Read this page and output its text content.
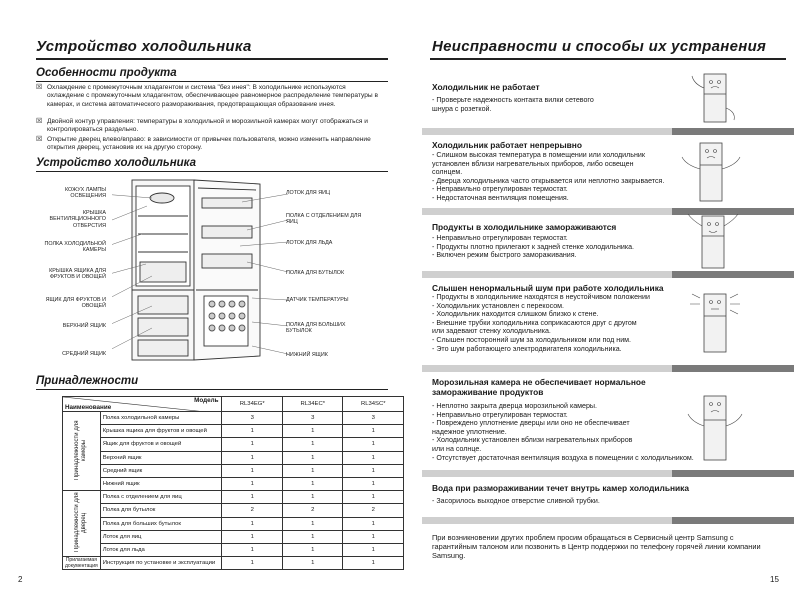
Устройство холодильника
Особенности продукта
☒ Охлаждение с промежуточным хладагентом и система "без инея": В холодильнике используются охлаждение с промежуточным хладагентом, обеспечивающее равномерное распределение температуры в камерах, и система автоматического размораживания, предотвращающая образование инея.
☒ Двойной контур управления: температуры в холодильной и морозильной камерах могут отображаться и контролироваться раздельно.
☒ Открытие дверец влево/вправо: в зависимости от привычек пользователя, можно изменить направление открытия дверец, установив их на другую сторону.
Устройство холодильника
КОЖУХ ЛАМПЫ ОСВЕЩЕНИЯ
КРЫШКА ВЕНТИЛЯЦИОННОГО ОТВЕРСТИЯ
ПОЛКА ХОЛОДИЛЬНОЙ КАМЕРЫ
КРЫШКА ЯЩИКА ДЛЯ ФРУКТОВ И ОВОЩЕЙ
ЯЩИК ДЛЯ ФРУКТОВ И ОВОЩЕЙ
ВЕРХНИЙ ЯЩИК
СРЕДНИЙ ЯЩИК
ЛОТОК ДЛЯ ЯИЦ
ПОЛКА С ОТДЕЛЕНИЕМ ДЛЯ ЯИЦ
ЛОТОК ДЛЯ ЛЬДА
ПОЛКА ДЛЯ БУТЫЛОК
ДАТЧИК ТЕМПЕРАТУРЫ
ПОЛКА ДЛЯ БОЛЬШИХ БУТЫЛОК
НИЖНИЙ ЯЩИК
Принадлежности
Модель
Наименование		RL34EG*	RL34EC*	RL34SC*
Принадлежности для камеры	Полка холодильной камеры	3	3	3
	Крышка ящика для фруктов и овощей	1	1	1
	Ящик для фруктов и овощей	1	1	1
	Верхний ящик	1	1	1
	Средний ящик	1	1	1
	Нижний ящик	1	1	1
Принадлежности для дверец	Полка с отделением для яиц	1	1	1
	Полка для бутылок	2	2	2
	Полка для больших бутылок	1	1	1
	Лоток для яиц	1	1	1
	Лоток для льда	1	1	1
Прилагаемая документация	Инструкция по установке и эксплуатации	1	1	1
2
Неисправности и способы их устранения
Холодильник не работает
- Проверьте надежность контакта вилки сетевого
шнура с розеткой.
Холодильник работает непрерывно
- Слишком высокая температура в помещении или холодильник
установлен вблизи нагревательных приборов, либо освещен
солнцем.
- Дверца холодильника часто открывается или неплотно закрывается.
- Неправильно отрегулирован термостат.
- Недостаточная вентиляция помещения.
Продукты в холодильнике замораживаются
- Неправильно отрегулирован термостат.
- Продукты плотно прилегают к задней стенке холодильника.
- Включен режим быстрого замораживания.
Слышен ненормальный шум при работе холодильника
- Продукты в холодильнике находятся в неустойчивом положении
- Холодильник установлен с перекосом.
- Холодильник находится слишком близко к стене.
- Внешние трубки холодильника соприкасаются друг с другом
или задевают стенку холодильника.
- Слышен посторонний шум за холодильником или под ним.
- Это шум работающего электродвигателя холодильника.
Морозильная камера не обеспечивает нормальное замораживание продуктов
- Неплотно закрыта дверца морозильной камеры.
- Неправильно отрегулирован термостат.
- Повреждено уплотнение дверцы или оно не обеспечивает
надежное уплотнение.
- Холодильник установлен вблизи нагревательных приборов
или на солнце.
- Отсутствует достаточная вентиляция воздуха в помещении с холодильником.
Вода при размораживании течет внутрь камер холодильника
- Засорилось выходное отверстие сливной трубки.
При возникновении других проблем просим обращаться в Сервисный центр Samsung с гарантийным талоном или позвонить в Центр поддержки по телефону горячей линии компании Samsung.
15
